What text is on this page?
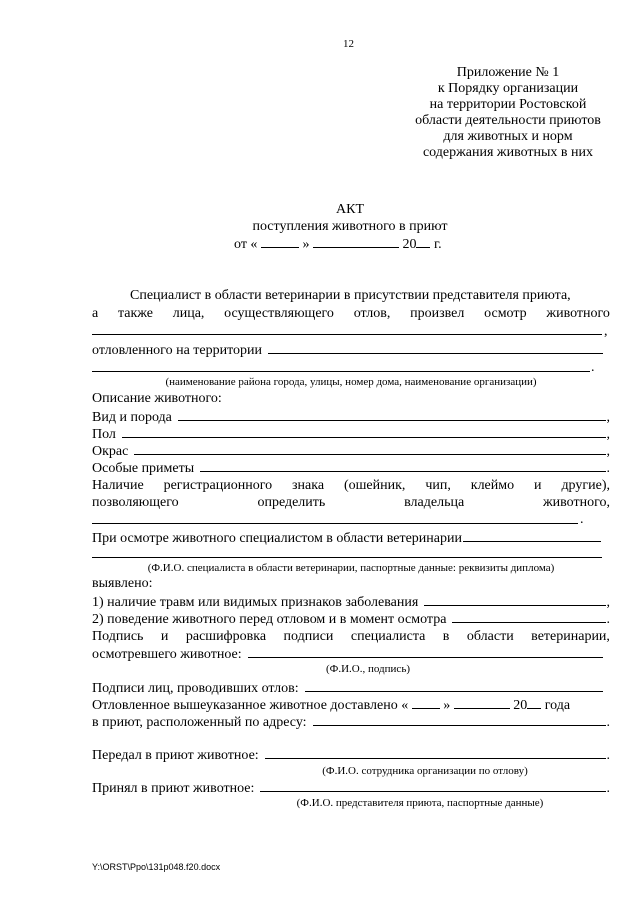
12
Приложение № 1
к Порядку организации
на территории Ростовской
области деятельности приютов
для животных и норм
содержания животных в них
АКТ
поступления животного в приют
от «	»	20 г.
Специалист в области ветеринарии в присутствии представителя приюта,
а также лица, осуществляющего отлов, произвел осмотр животного
,
отловленного на территории
.
(наименование района города, улицы, номер дома, наименование организации)
Описание животного:
Вид и порода	,
Пол	,
Окрас	,
Особые приметы	.
Наличие регистрационного знака (ошейник, чип, клеймо и другие),
позволяющего	определить	владельца	животного,
.
При осмотре животного специалистом в области ветеринарии
(Ф.И.О. специалиста в области ветеринарии, паспортные данные: реквизиты диплома)
выявлено:
1) наличие травм или видимых признаков заболевания	,
2) поведение животного перед отловом и в момент осмотра	.
Подпись и расшифровка подписи специалиста в области ветеринарии,
осмотревшего животное:
(Ф.И.О., подпись)
Подписи лиц, проводивших отлов:
Отловленное вышеуказанное животное доставлено «	»	20 года
в приют, расположенный по адресу:	.
Передал в приют животное:	.
(Ф.И.О. сотрудника организации по отлову)
Принял в приют животное:	.
(Ф.И.О. представителя приюта, паспортные данные)
Y:\ORST\Ppo\131p048.f20.docx
